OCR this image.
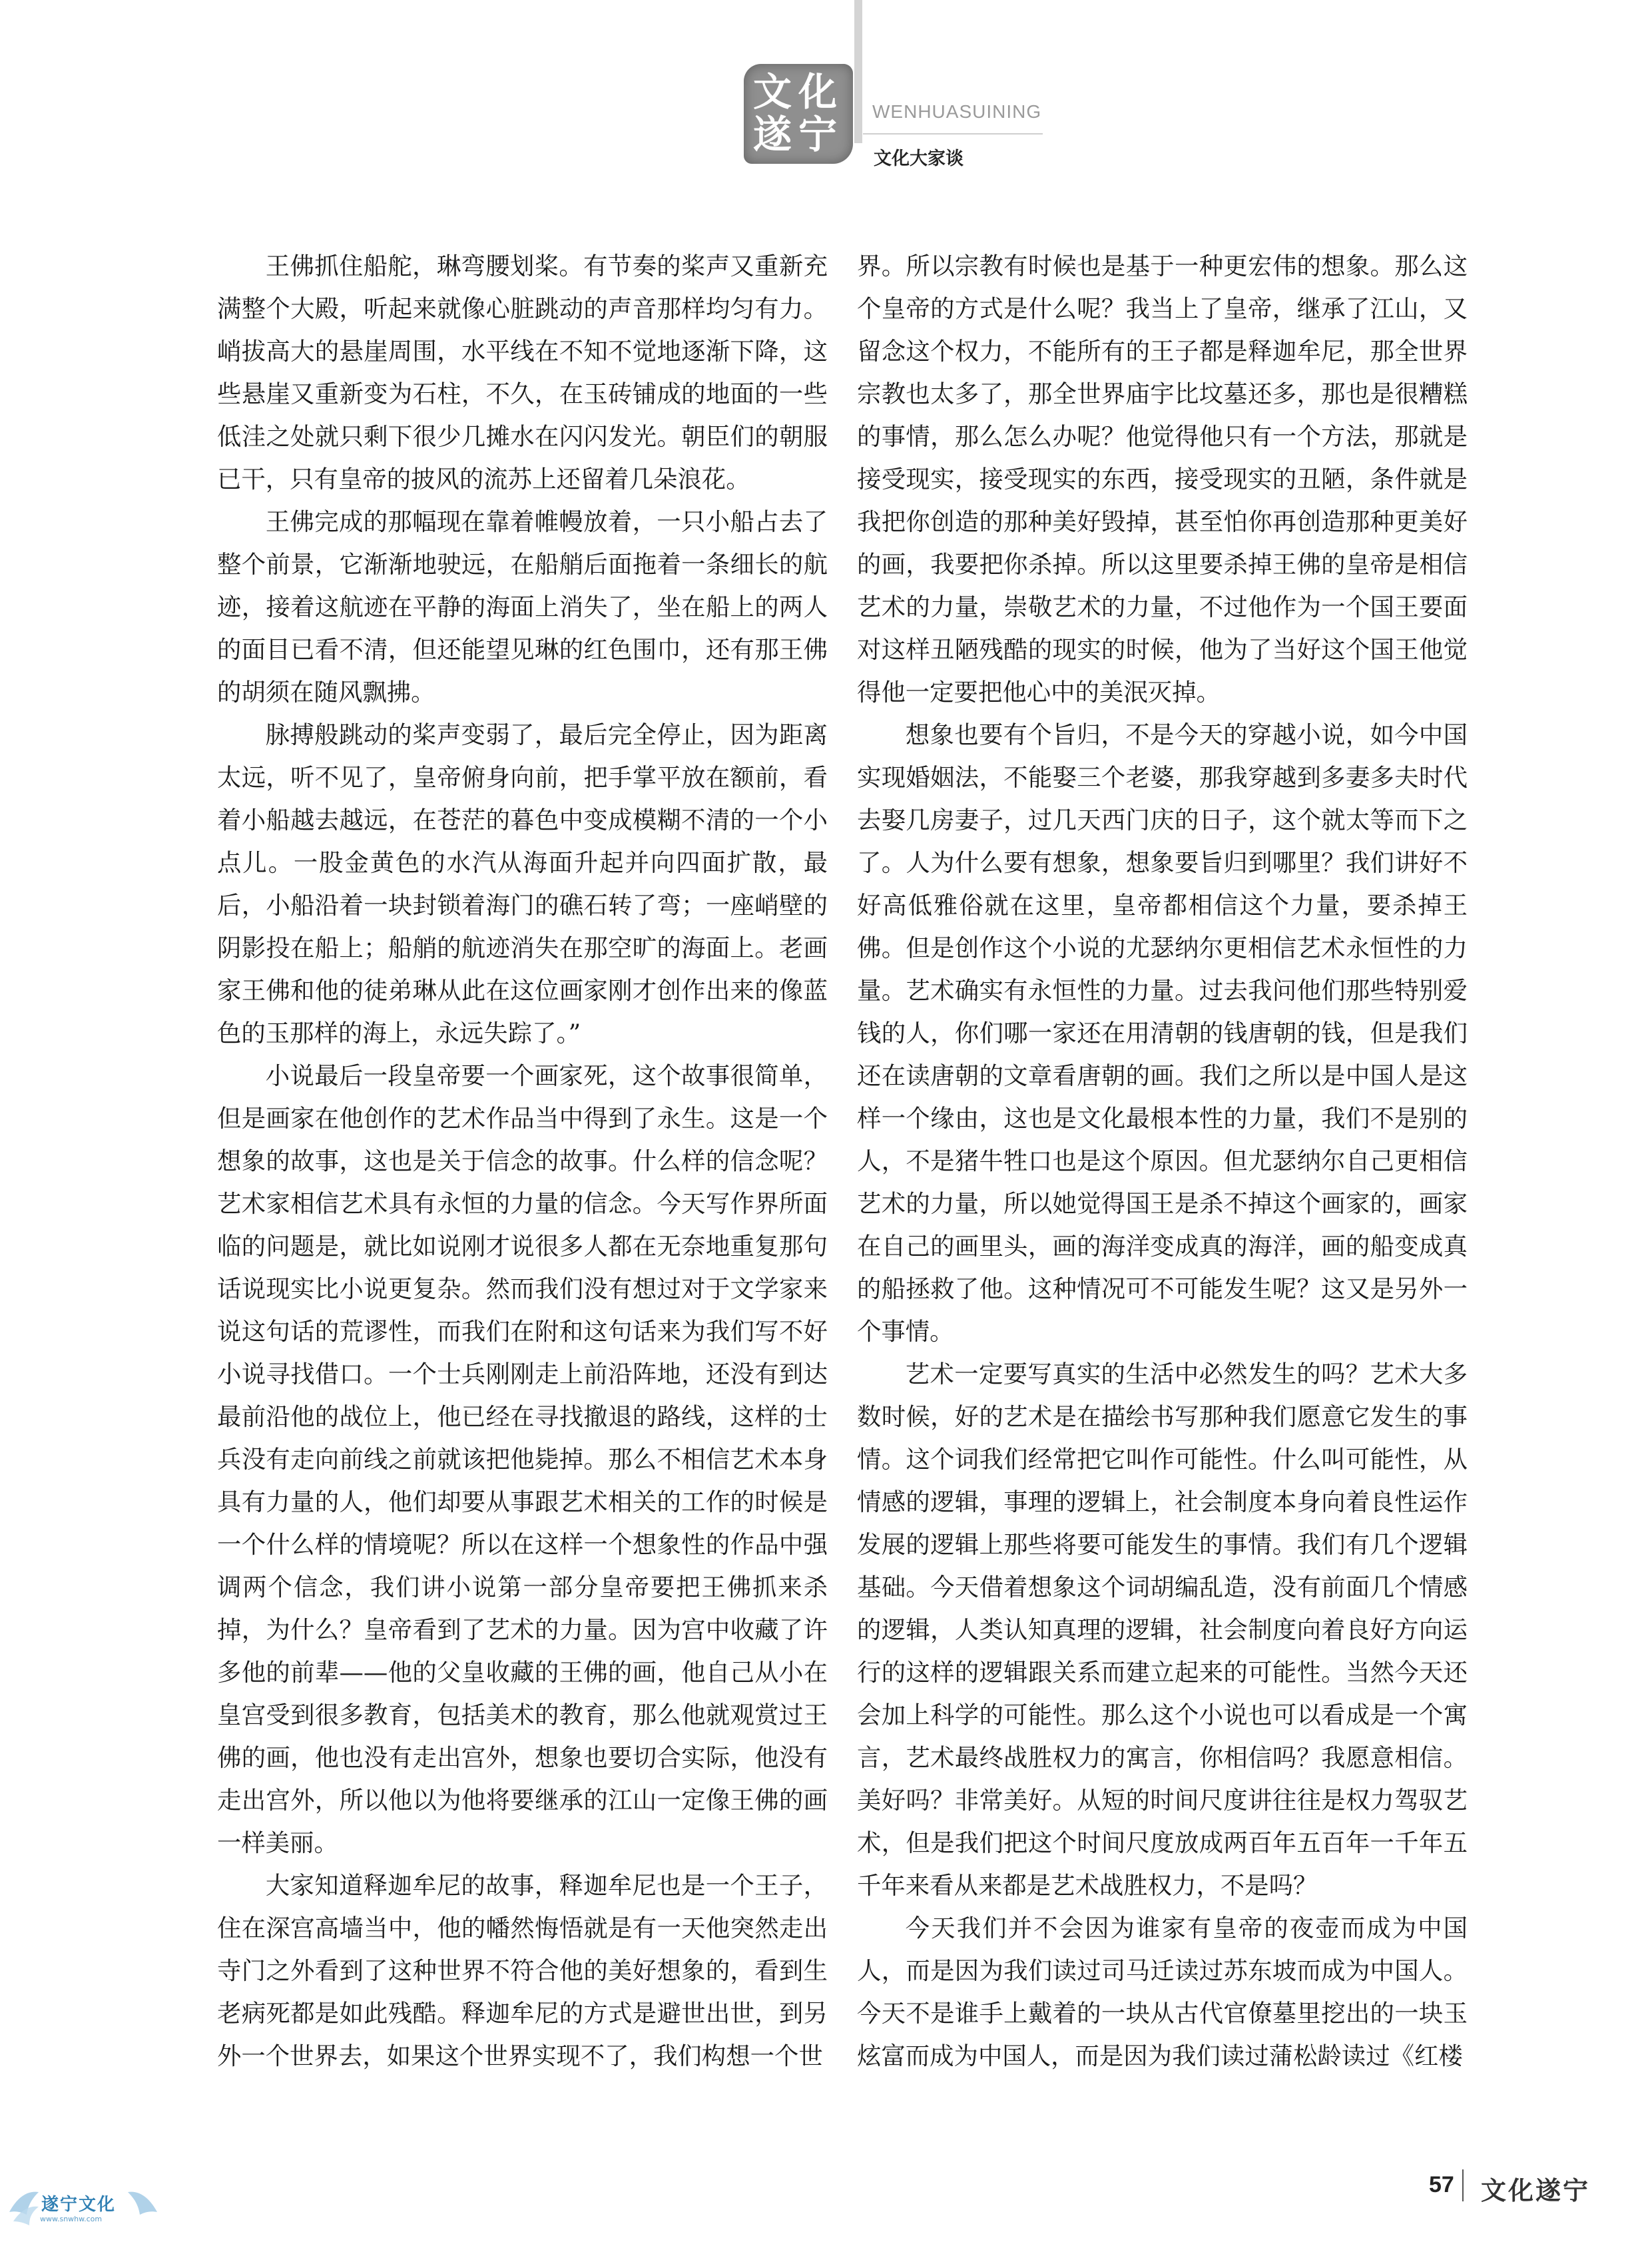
文化
遂宁
WENHUASUINING
文化大家谈

王佛抓住船舵，琳弯腰划桨。有节奏的桨声又重新充满整个大殿，听起来就像心脏跳动的声音那样均匀有力。峭拔高大的悬崖周围，水平线在不知不觉地逐渐下降，这些悬崖又重新变为石柱，不久，在玉砖铺成的地面的一些低洼之处就只剩下很少几摊水在闪闪发光。朝臣们的朝服已干，只有皇帝的披风的流苏上还留着几朵浪花。

王佛完成的那幅现在靠着帷幔放着，一只小船占去了整个前景，它渐渐地驶远，在船艄后面拖着一条细长的航迹，接着这航迹在平静的海面上消失了，坐在船上的两人的面目已看不清，但还能望见琳的红色围巾，还有那王佛的胡须在随风飘拂。

脉搏般跳动的桨声变弱了，最后完全停止，因为距离太远，听不见了，皇帝俯身向前，把手掌平放在额前，看着小船越去越远，在苍茫的暮色中变成模糊不清的一个小点儿。一股金黄色的水汽从海面升起并向四面扩散，最后，小船沿着一块封锁着海门的礁石转了弯；一座峭壁的阴影投在船上；船艄的航迹消失在那空旷的海面上。老画家王佛和他的徒弟琳从此在这位画家刚才创作出来的像蓝色的玉那样的海上，永远失踪了。”

小说最后一段皇帝要一个画家死，这个故事很简单，但是画家在他创作的艺术作品当中得到了永生。这是一个想象的故事，这也是关于信念的故事。什么样的信念呢？艺术家相信艺术具有永恒的力量的信念。今天写作界所面临的问题是，就比如说刚才说很多人都在无奈地重复那句话说现实比小说更复杂。然而我们没有想过对于文学家来说这句话的荒谬性，而我们在附和这句话来为我们写不好小说寻找借口。一个士兵刚刚走上前沿阵地，还没有到达最前沿他的战位上，他已经在寻找撤退的路线，这样的士兵没有走向前线之前就该把他毙掉。那么不相信艺术本身具有力量的人，他们却要从事跟艺术相关的工作的时候是一个什么样的情境呢？所以在这样一个想象性的作品中强调两个信念，我们讲小说第一部分皇帝要把王佛抓来杀掉，为什么？皇帝看到了艺术的力量。因为宫中收藏了许多他的前辈——他的父皇收藏的王佛的画，他自己从小在皇宫受到很多教育，包括美术的教育，那么他就观赏过王佛的画，他也没有走出宫外，想象也要切合实际，他没有走出宫外，所以他以为他将要继承的江山一定像王佛的画一样美丽。

大家知道释迦牟尼的故事，释迦牟尼也是一个王子，住在深宫高墙当中，他的幡然悔悟就是有一天他突然走出寺门之外看到了这种世界不符合他的美好想象的，看到生老病死都是如此残酷。释迦牟尼的方式是避世出世，到另外一个世界去，如果这个世界实现不了，我们构想一个世

界。所以宗教有时候也是基于一种更宏伟的想象。那么这个皇帝的方式是什么呢？我当上了皇帝，继承了江山，又留念这个权力，不能所有的王子都是释迦牟尼，那全世界宗教也太多了，那全世界庙宇比坟墓还多，那也是很糟糕的事情，那么怎么办呢？他觉得他只有一个方法，那就是接受现实，接受现实的东西，接受现实的丑陋，条件就是我把你创造的那种美好毁掉，甚至怕你再创造那种更美好的画，我要把你杀掉。所以这里要杀掉王佛的皇帝是相信艺术的力量，崇敬艺术的力量，不过他作为一个国王要面对这样丑陋残酷的现实的时候，他为了当好这个国王他觉得他一定要把他心中的美泯灭掉。

想象也要有个旨归，不是今天的穿越小说，如今中国实现婚姻法，不能娶三个老婆，那我穿越到多妻多夫时代去娶几房妻子，过几天西门庆的日子，这个就太等而下之了。人为什么要有想象，想象要旨归到哪里？我们讲好不好高低雅俗就在这里，皇帝都相信这个力量，要杀掉王佛。但是创作这个小说的尤瑟纳尔更相信艺术永恒性的力量。艺术确实有永恒性的力量。过去我问他们那些特别爱钱的人，你们哪一家还在用清朝的钱唐朝的钱，但是我们还在读唐朝的文章看唐朝的画。我们之所以是中国人是这样一个缘由，这也是文化最根本性的力量，我们不是别的人，不是猪牛牲口也是这个原因。但尤瑟纳尔自己更相信艺术的力量，所以她觉得国王是杀不掉这个画家的，画家在自己的画里头，画的海洋变成真的海洋，画的船变成真的船拯救了他。这种情况可不可能发生呢？这又是另外一个事情。

艺术一定要写真实的生活中必然发生的吗？艺术大多数时候，好的艺术是在描绘书写那种我们愿意它发生的事情。这个词我们经常把它叫作可能性。什么叫可能性，从情感的逻辑，事理的逻辑上，社会制度本身向着良性运作发展的逻辑上那些将要可能发生的事情。我们有几个逻辑基础。今天借着想象这个词胡编乱造，没有前面几个情感的逻辑，人类认知真理的逻辑，社会制度向着良好方向运行的这样的逻辑跟关系而建立起来的可能性。当然今天还会加上科学的可能性。那么这个小说也可以看成是一个寓言，艺术最终战胜权力的寓言，你相信吗？我愿意相信。美好吗？非常美好。从短的时间尺度讲往往是权力驾驭艺术，但是我们把这个时间尺度放成两百年五百年一千年五千年来看从来都是艺术战胜权力，不是吗？

今天我们并不会因为谁家有皇帝的夜壶而成为中国人，而是因为我们读过司马迁读过苏东坡而成为中国人。今天不是谁手上戴着的一块从古代官僚墓里挖出的一块玉炫富而成为中国人，而是因为我们读过蒲松龄读过《红楼

57 文化遂宁
遂宁文化
www.snwhw.com
